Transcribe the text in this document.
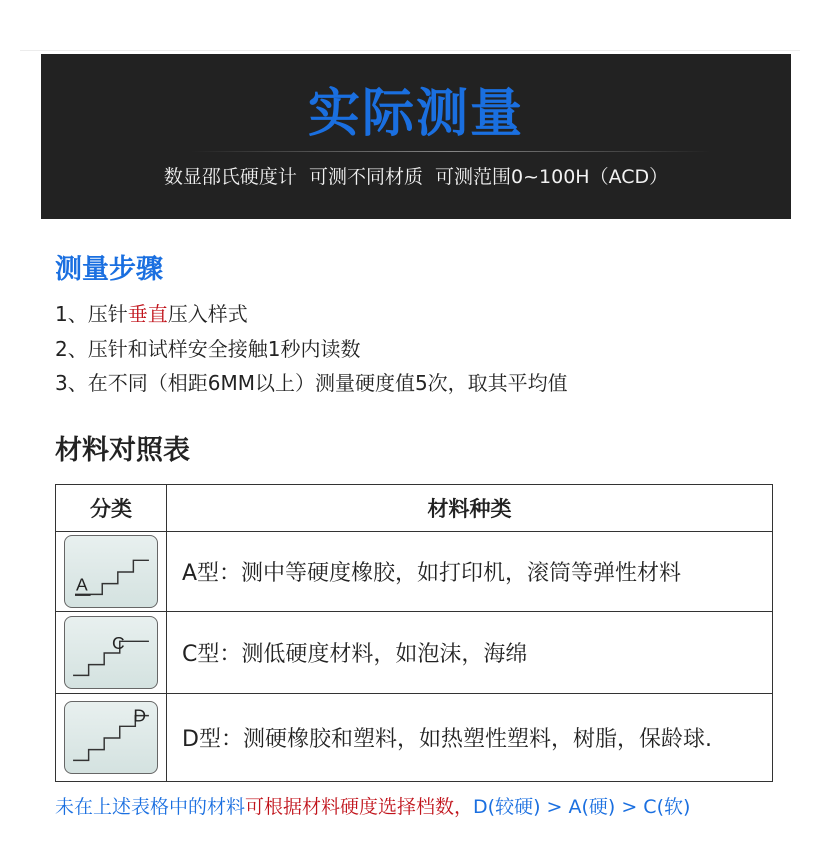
实际测量
数显邵氏硬度计  可测不同材质  可测范围0~100H（ACD）
测量步骤
1、压针垂直压入样式
2、压针和试样安全接触1秒内读数
3、在不同（相距6MM以上）测量硬度值5次，取其平均值
材料对照表
分类	材料种类

A	A型：测中等硬度橡胶，如打印机，滚筒等弹性材料

C	C型：测低硬度材料，如泡沫，海绵

D	D型：测硬橡胶和塑料，如热塑性塑料，树脂，保龄球.

未在上述表格中的材料可根据材料硬度选择档数，D(较硬) > A(硬) > C(软)
